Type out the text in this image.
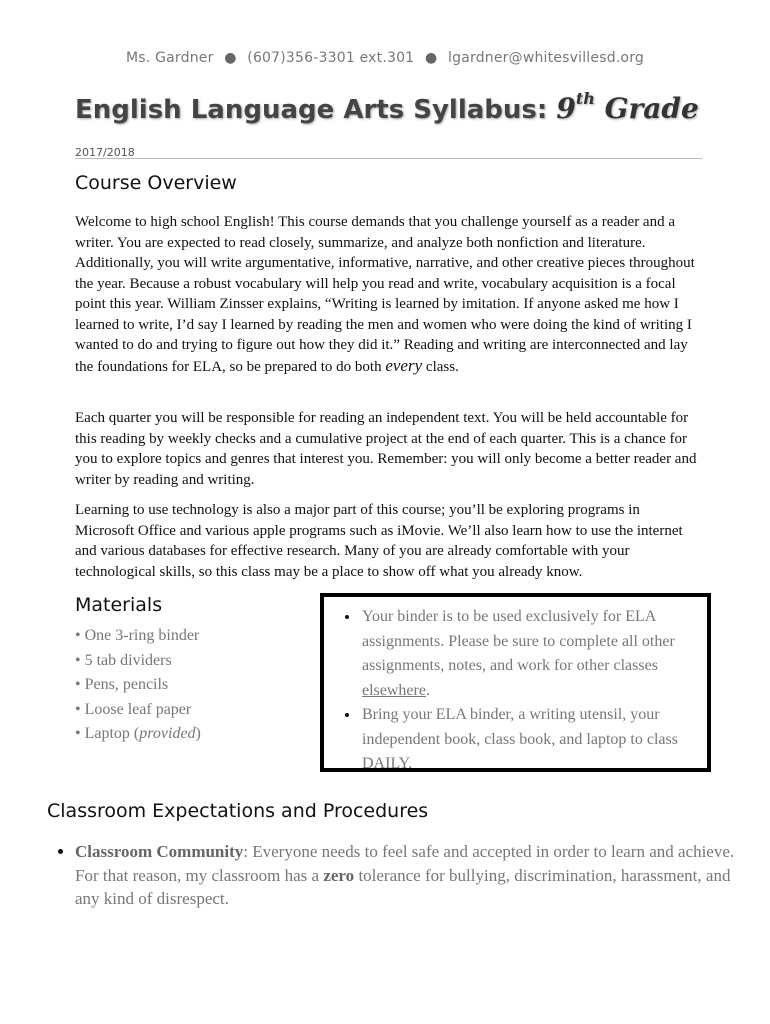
Ms. Gardner ● (607)356-3301 ext.301 ● lgardner@whitesvillesd.org
English Language Arts Syllabus: 9th Grade
2017/2018
Course Overview
Welcome to high school English! This course demands that you challenge yourself as a reader and a writer. You are expected to read closely, summarize, and analyze both nonfiction and literature. Additionally, you will write argumentative, informative, narrative, and other creative pieces throughout the year. Because a robust vocabulary will help you read and write, vocabulary acquisition is a focal point this year. William Zinsser explains, “Writing is learned by imitation. If anyone asked me how I learned to write, I’d say I learned by reading the men and women who were doing the kind of writing I wanted to do and trying to figure out how they did it.” Reading and writing are interconnected and lay the foundations for ELA, so be prepared to do both every class.
Each quarter you will be responsible for reading an independent text. You will be held accountable for this reading by weekly checks and a cumulative project at the end of each quarter. This is a chance for you to explore topics and genres that interest you. Remember: you will only become a better reader and writer by reading and writing.
Learning to use technology is also a major part of this course; you’ll be exploring programs in Microsoft Office and various apple programs such as iMovie. We’ll also learn how to use the internet and various databases for effective research. Many of you are already comfortable with your technological skills, so this class may be a place to show off what you already know.
Materials
• One 3-ring binder
• 5 tab dividers
• Pens, pencils
• Loose leaf paper
• Laptop (provided)
• Your binder is to be used exclusively for ELA assignments. Please be sure to complete all other assignments, notes, and work for other classes elsewhere.
• Bring your ELA binder, a writing utensil, your independent book, class book, and laptop to class DAILY.
Classroom Expectations and Procedures
• Classroom Community: Everyone needs to feel safe and accepted in order to learn and achieve. For that reason, my classroom has a zero tolerance for bullying, discrimination, harassment, and any kind of disrespect.
